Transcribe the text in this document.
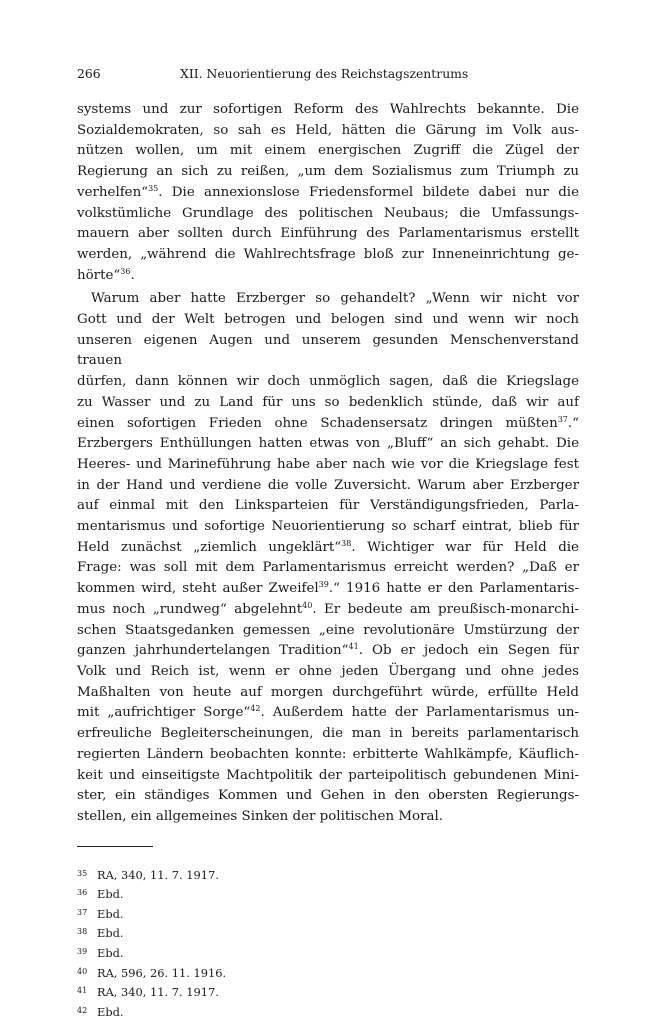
266	XII. Neuorientierung des Reichstagszentrums
systems und zur sofortigen Reform des Wahlrechts bekannte. Die
Sozialdemokraten, so sah es Held, hätten die Gärung im Volk aus-
nützen wollen, um mit einem energischen Zugriff die Zügel der
Regierung an sich zu reißen, „um dem Sozialismus zum Triumph zu
verhelfen“$^{35}$. Die annexionslose Friedensformel bildete dabei nur die
volkstümliche Grundlage des politischen Neubaus; die Umfassungs-
mauern aber sollten durch Einführung des Parlamentarismus erstellt
werden, „während die Wahlrechtsfrage bloß zur Inneneinrichtung ge-
hörte“$^{36}$.
Warum aber hatte Erzberger so gehandelt? „Wenn wir nicht vor
Gott und der Welt betrogen und belogen sind und wenn wir noch
unseren eigenen Augen und unserem gesunden Menschenverstand trauen
dürfen, dann können wir doch unmöglich sagen, daß die Kriegslage
zu Wasser und zu Land für uns so bedenklich stünde, daß wir auf
einen sofortigen Frieden ohne Schadensersatz dringen müßten$^{37}$.“
Erzbergers Enthüllungen hatten etwas von „Bluff“ an sich gehabt. Die
Heeres- und Marineführung habe aber nach wie vor die Kriegslage fest
in der Hand und verdiene die volle Zuversicht. Warum aber Erzberger
auf einmal mit den Linksparteien für Verständigungsfrieden, Parla-
mentarismus und sofortige Neuorientierung so scharf eintrat, blieb für
Held zunächst „ziemlich ungeklärt“$^{38}$. Wichtiger war für Held die
Frage: was soll mit dem Parlamentarismus erreicht werden? „Daß er
kommen wird, steht außer Zweifel$^{39}$.“ 1916 hatte er den Parlamentaris-
mus noch „rundweg“ abgelehnt$^{40}$. Er bedeute am preußisch-monarchi-
schen Staatsgedanken gemessen „eine revolutionäre Umstürzung der
ganzen jahrhundertelangen Tradition“$^{41}$. Ob er jedoch ein Segen für
Volk und Reich ist, wenn er ohne jeden Übergang und ohne jedes
Maßhalten von heute auf morgen durchgeführt würde, erfüllte Held
mit „aufrichtiger Sorge“$^{42}$. Außerdem hatte der Parlamentarismus un-
erfreuliche Begleiterscheinungen, die man in bereits parlamentarisch
regierten Ländern beobachten konnte: erbitterte Wahlkämpfe, Käuflich-
keit und einseitigste Machtpolitik der parteipolitisch gebundenen Mini-
ster, ein ständiges Kommen und Gehen in den obersten Regierungs-
stellen, ein allgemeines Sinken der politischen Moral.
35 RA, 340, 11. 7. 1917.
36 Ebd.
37 Ebd.
38 Ebd.
39 Ebd.
40 RA, 596, 26. 11. 1916.
41 RA, 340, 11. 7. 1917.
42 Ebd.
